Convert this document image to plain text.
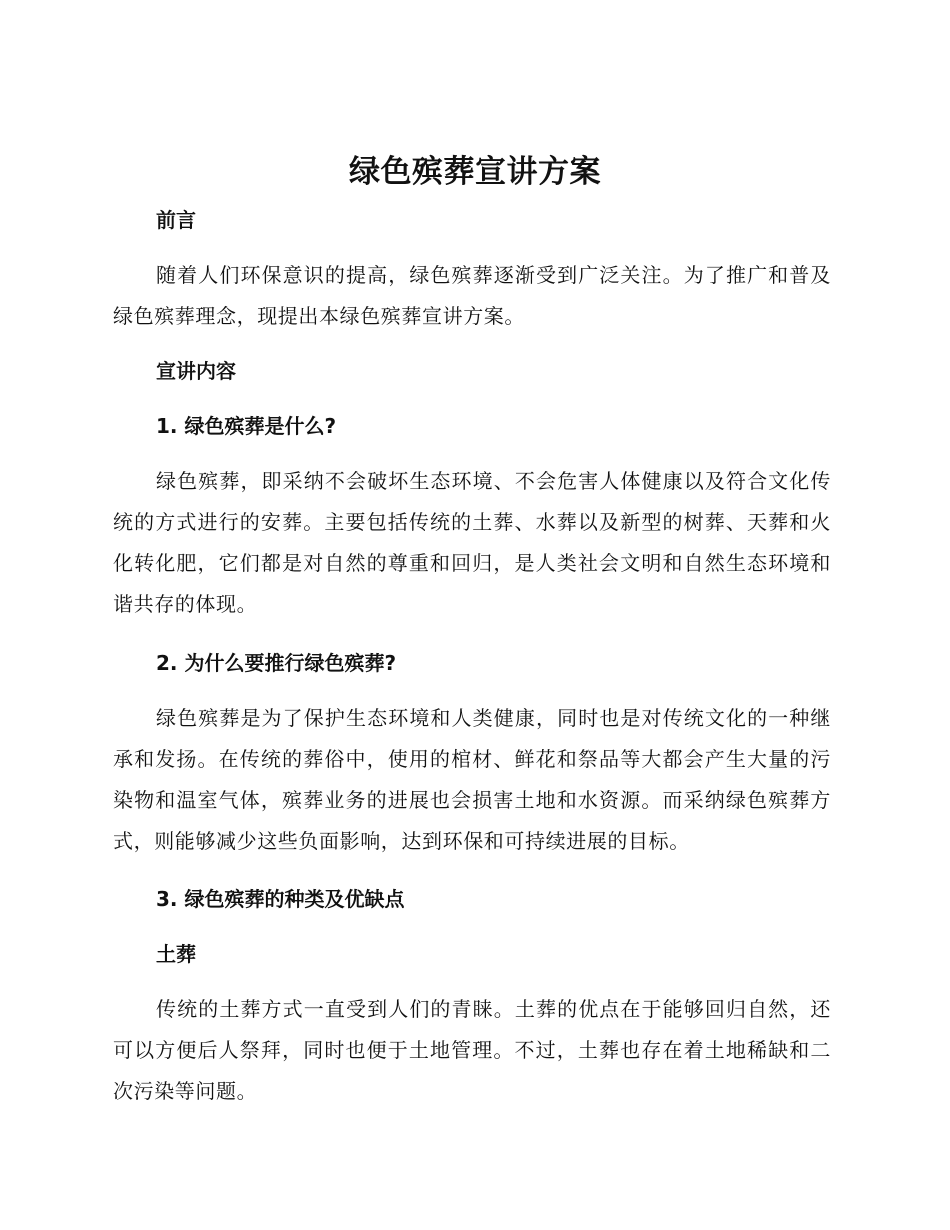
绿色殡葬宣讲方案
前言
随着人们环保意识的提高，绿色殡葬逐渐受到广泛关注。为了推广和普及绿色殡葬理念，现提出本绿色殡葬宣讲方案。
宣讲内容
1. 绿色殡葬是什么?
绿色殡葬，即采纳不会破坏生态环境、不会危害人体健康以及符合文化传统的方式进行的安葬。主要包括传统的土葬、水葬以及新型的树葬、天葬和火化转化肥，它们都是对自然的尊重和回归，是人类社会文明和自然生态环境和谐共存的体现。
2. 为什么要推行绿色殡葬?
绿色殡葬是为了保护生态环境和人类健康，同时也是对传统文化的一种继承和发扬。在传统的葬俗中，使用的棺材、鲜花和祭品等大都会产生大量的污染物和温室气体，殡葬业务的进展也会损害土地和水资源。而采纳绿色殡葬方式，则能够减少这些负面影响，达到环保和可持续进展的目标。
3. 绿色殡葬的种类及优缺点
土葬
传统的土葬方式一直受到人们的青睐。土葬的优点在于能够回归自然，还可以方便后人祭拜，同时也便于土地管理。不过，土葬也存在着土地稀缺和二次污染等问题。
